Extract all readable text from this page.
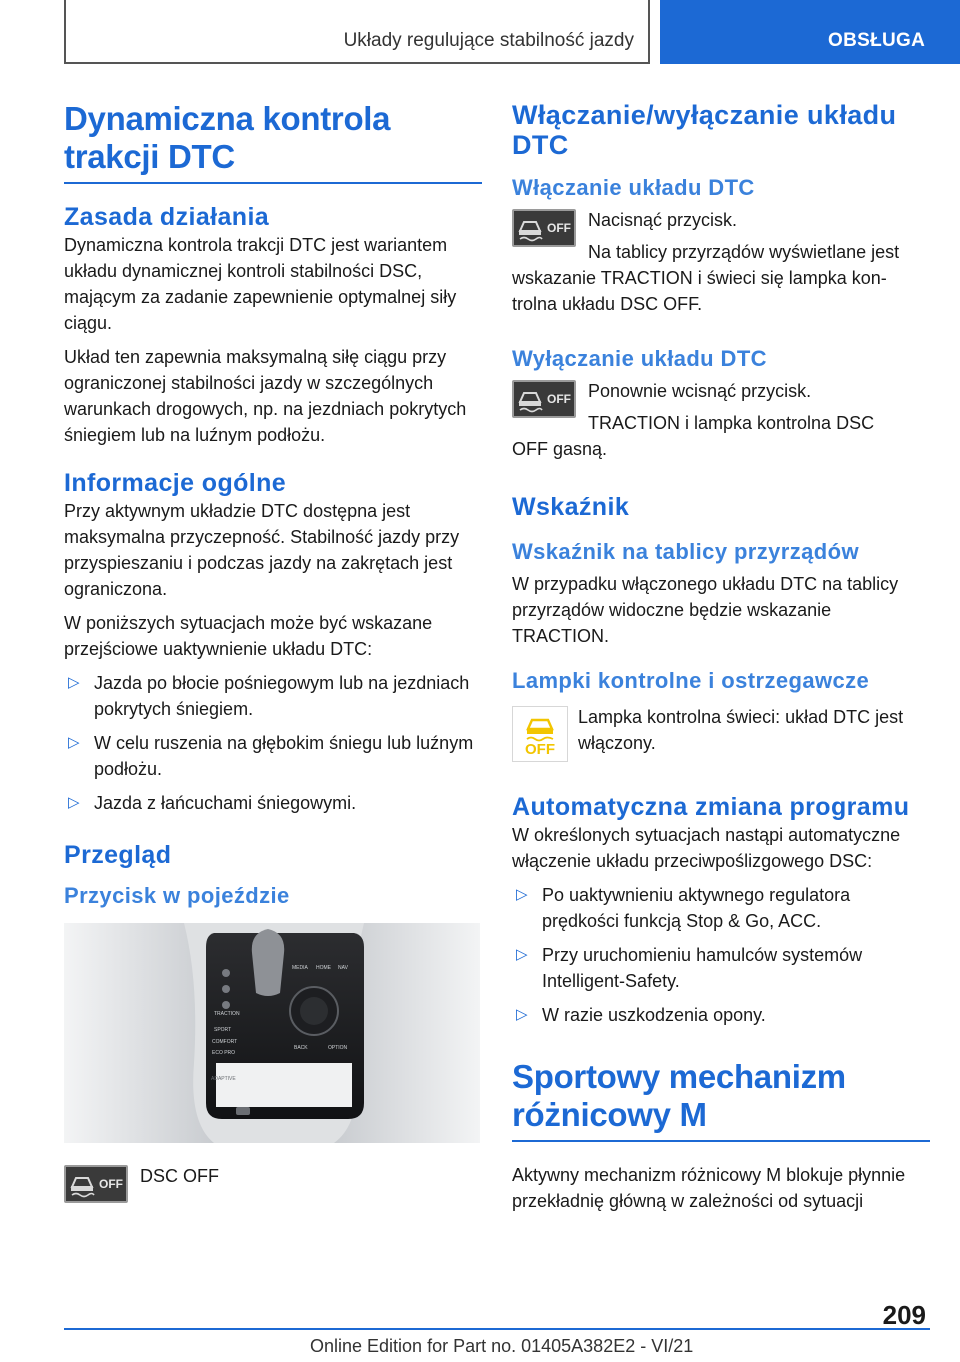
Układy regulujące stabilność jazdy	OBSŁUGA
Dynamiczna kontrola
trakcji DTC
Zasada działania

Dynamiczna kontrola trakcji DTC jest wariantem układu dynamicznej kontroli stabilności DSC, mającym za zadanie zapewnienie optymalnej siły ciągu.

Układ ten zapewnia maksymalną siłę ciągu przy ograniczonej stabilności jazdy w szczególnych warunkach drogowych, np. na jezdniach pokrytych śniegiem lub na luźnym podłożu.

Informacje ogólne

Przy aktywnym układzie DTC dostępna jest maksymalna przyczepność. Stabilność jazdy przy przyspieszaniu i podczas jazdy na zakrętach jest ograniczona.

W poniższych sytuacjach może być wskazane przejściowe uaktywnienie układu DTC:

▷ Jazda po błocie pośniegowym lub na jezdniach pokrytych śniegiem.
▷ W celu ruszenia na głębokim śniegu lub luźnym podłożu.
▷ Jazda z łańcuchami śniegowymi.
Przegląd
Przycisk w pojeździe
MEDIA HOME NAV
SPORT
COMFORT
ECO PRO
ADAPTIVE
BACK	OPTION
TRACTION
OFF DSC OFF

Włączanie/wyłączanie układu DTC
Włączanie układu DTC
OFF Nacisnąć przycisk.

Na tablicy przyrządów wyświetlane jest

wskazanie TRACTION i świeci się lampka kon-
trolna układu DSC OFF.

Wyłączanie układu DTC
OFF Ponownie wcisnąć przycisk.

TRACTION i lampka kontrolna DSC

OFF gasną.

Wskaźnik
Wskaźnik na tablicy przyrządów

W przypadku włączonego układu DTC na tablicy przyrządów widoczne będzie wskazanie TRACTION.

Lampki kontrolne i ostrzegawcze
OFF

Lampka kontrolna świeci: układ DTC jest włączony.

Automatyczna zmiana programu

W określonych sytuacjach nastąpi automatyczne włączenie układu przeciwpoślizgowego DSC:

▷ Po uaktywnieniu aktywnego regulatora prędkości funkcją Stop & Go, ACC.
▷ Przy uruchomieniu hamulców systemów Intelligent-Safety.
▷ W razie uszkodzenia opony.
Sportowy mechanizm różnicowy M

Aktywny mechanizm różnicowy M blokuje płynnie przekładnię główną w zależności od sytuacji

209
Online Edition for Part no. 01405A382E2 - VI/21
